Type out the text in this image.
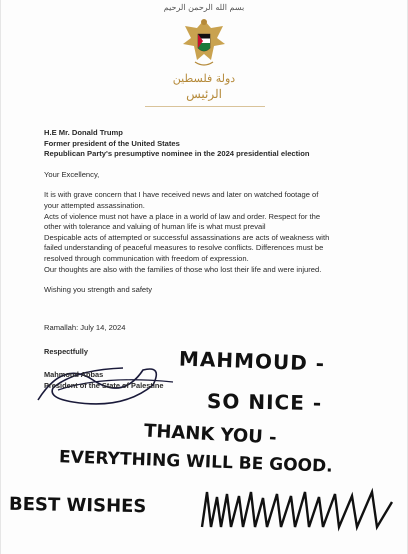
بسم الله الرحمن الرحيم
دولة فلسطين
الرئيس
H.E Mr. Donald Trump
Former president of the United States
Republican Party's presumptive nominee in the 2024 presidential election
Your Excellency,
It is with grave concern that I have received news and later on watched footage of
your attempted assassination.
Acts of violence must not have a place in a world of law and order. Respect for the
other with tolerance and valuing of human life is what must prevail
Despicable acts of attempted or successful assassinations are acts of weakness with
failed understanding of peaceful measures to resolve conflicts. Differences must be
resolved through communication with freedom of expression.
Our thoughts are also with the families of those who lost their life and were injured.
Wishing you strength and safety
Ramallah: July 14, 2024
Respectfully
Mahmoud Abbas
President of the State of Palestine
MAHMOUD -
SO NICE -
THANK YOU -
EVERYTHING WILL BE GOOD.
BEST WISHES
